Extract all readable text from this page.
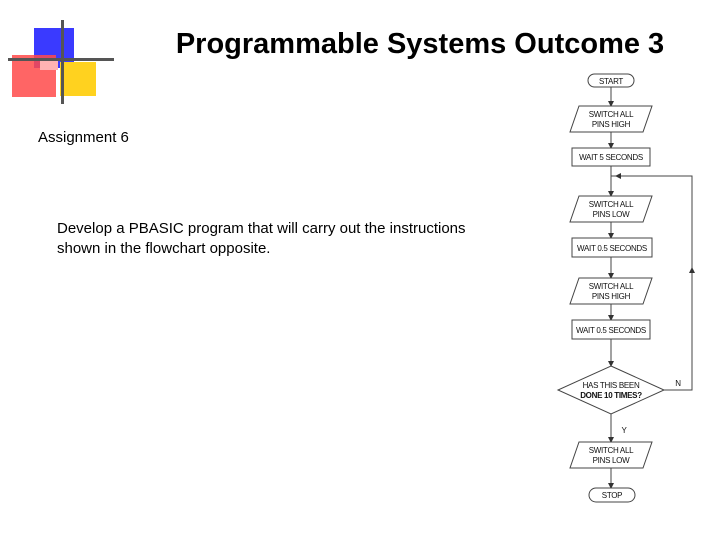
Programmable Systems Outcome 3
Assignment 6
Develop a PBASIC program that will carry out the instructions shown in the flowchart opposite.
START
SWITCH ALL
PINS HIGH
WAIT 5 SECONDS
SWITCH ALL
PINS LOW
WAIT 0.5 SECONDS
SWITCH ALL
PINS HIGH
WAIT 0.5 SECONDS
HAS THIS BEEN
DONE 10 TIMES?
Y
N
SWITCH ALL
PINS LOW
STOP
